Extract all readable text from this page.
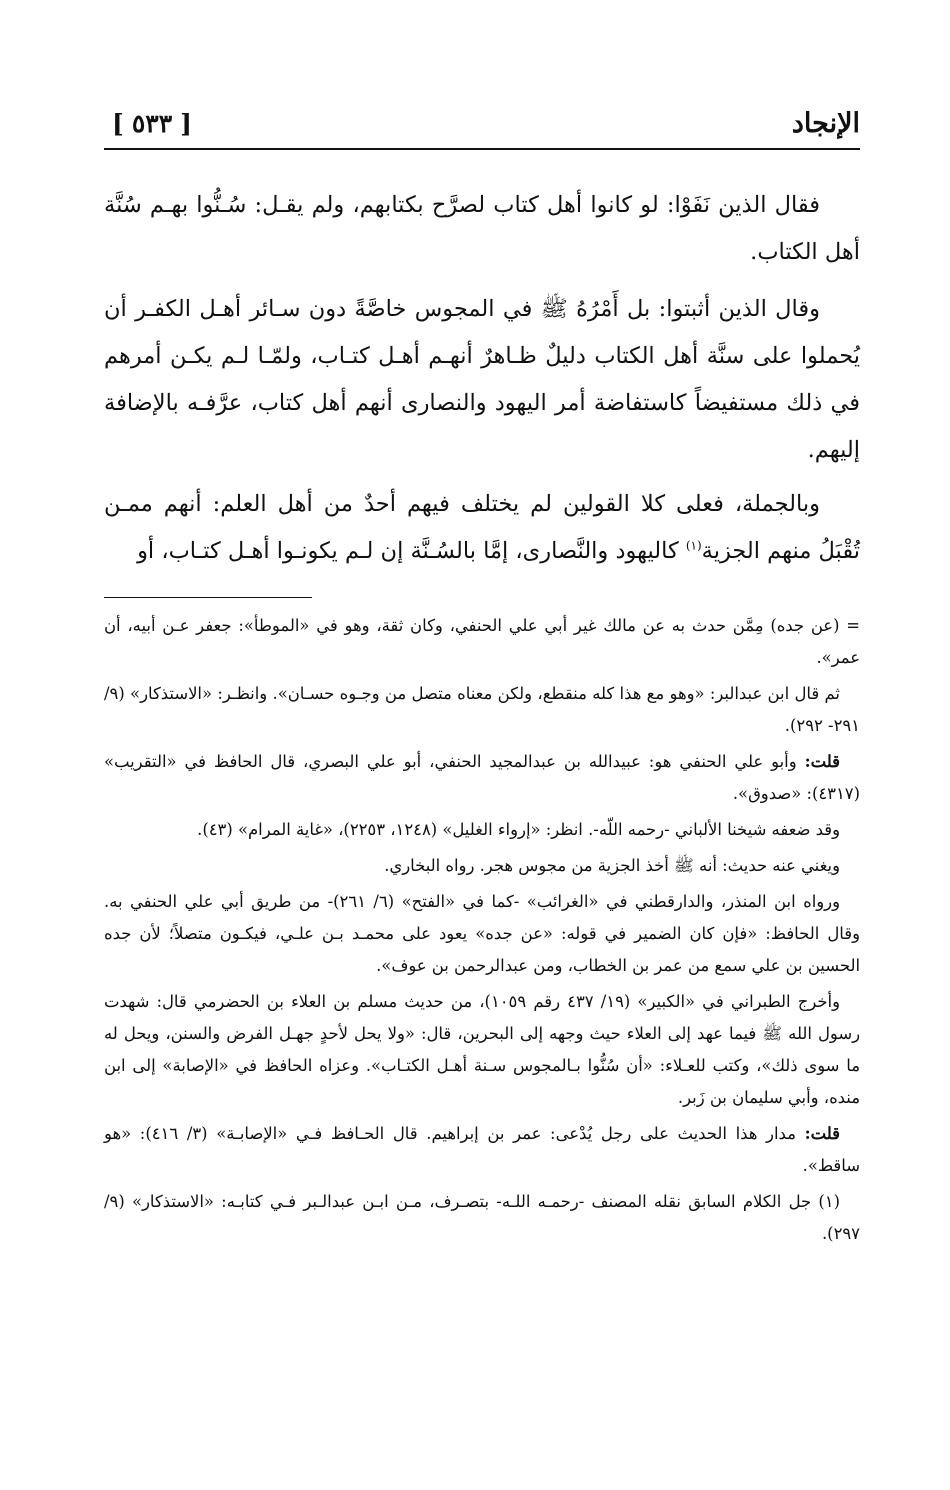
الإنجاد
[٥٣٣]

فقال الذين نَفَوْا: لو كانوا أهل كتاب لصرَّح بكتابهم، ولم يقـل: سُـنُّوا بهـم سُنَّة أهل الكتاب.

وقال الذين أثبتوا: بل أَمْرُهُ ﷺ في المجوس خاصَّةً دون سـائر أهـل الكفـر أن يُحملوا على سنَّة أهل الكتاب دليلٌ ظـاهرٌ أنهـم أهـل كتـاب، ولمّـا لـم يكـن أمرهم في ذلك مستفيضاً كاستفاضة أمر اليهود والنصارى أنهم أهل كتاب، عرَّفـه بالإضافة إليهم.

وبالجملة، فعلى كلا القولين لم يختلف فيهم أحدٌ من أهل العلم: أنهم ممـن تُقْبَلُ منهم الجزية$^{(١)}$ كاليهود والنَّصارى، إمَّا بالسُـنَّة إن لـم يكونـوا أهـل كتـاب، أو

= (عن جده) مِمَّن حدث به عن مالك غير أبي علي الحنفي، وكان ثقة، وهو في «الموطأ»: جعفر عـن أبيه، أن عمر».

ثم قال ابن عبدالبر: «وهو مع هذا كله منقطع، ولكن معناه متصل من وجـوه حسـان». وانظـر: «الاستذكار» (٩/ ٢٩١- ٢٩٢).

قلت: وأبو علي الحنفي هو: عبيدالله بن عبدالمجيد الحنفي، أبو علي البصري، قال الحافظ في «التقريب» (٤٣١٧): «صدوق».

وقد ضعفه شيخنا الألباني -رحمه اللّه-. انظر: «إرواء الغليل» (١٢٤٨، ٢٢٥٣)، «غاية المرام» (٤٣).

ويغني عنه حديث: أنه ﷺ أخذ الجزية من مجوس هجر. رواه البخاري.

ورواه ابن المنذر، والدارقطني في «الغرائب» -كما في «الفتح» (٦/ ٢٦١)- من طريق أبي علي الحنفي به. وقال الحافظ: «فإن كان الضمير في قوله: «عن جده» يعود على محمـد بـن علـي، فيكـون متصلاً؛ لأن جده الحسين بن علي سمع من عمر بن الخطاب، ومن عبدالرحمن بن عوف».

وأخرج الطبراني في «الكبير» (١٩/ ٤٣٧ رقم ١٠٥٩)، من حديث مسلم بن العلاء بن الحضرمي قال: شهدت رسول الله ﷺ فيما عهد إلى العلاء حيث وجهه إلى البحرين، قال: «ولا يحل لأحدٍ جهـل الفرض والسنن، ويحل له ما سوى ذلك»، وكتب للعـلاء: «أن سُنُّوا بـالمجوس سـنة أهـل الكتـاب». وعزاه الحافظ في «الإصابة» إلى ابن منده، وأبي سليمان بن زَبر.

قلت: مدار هذا الحديث على رجل يُدْعى: عمر بن إبراهيم. قال الحـافظ فـي «الإصابـة» (٣/ ٤١٦): «هو ساقط».

(١) جل الكلام السابق نقله المصنف -رحمـه اللـه- بتصـرف، مـن ابـن عبدالـبر فـي كتابـه: «الاستذكار» (٩/ ٢٩٧).
